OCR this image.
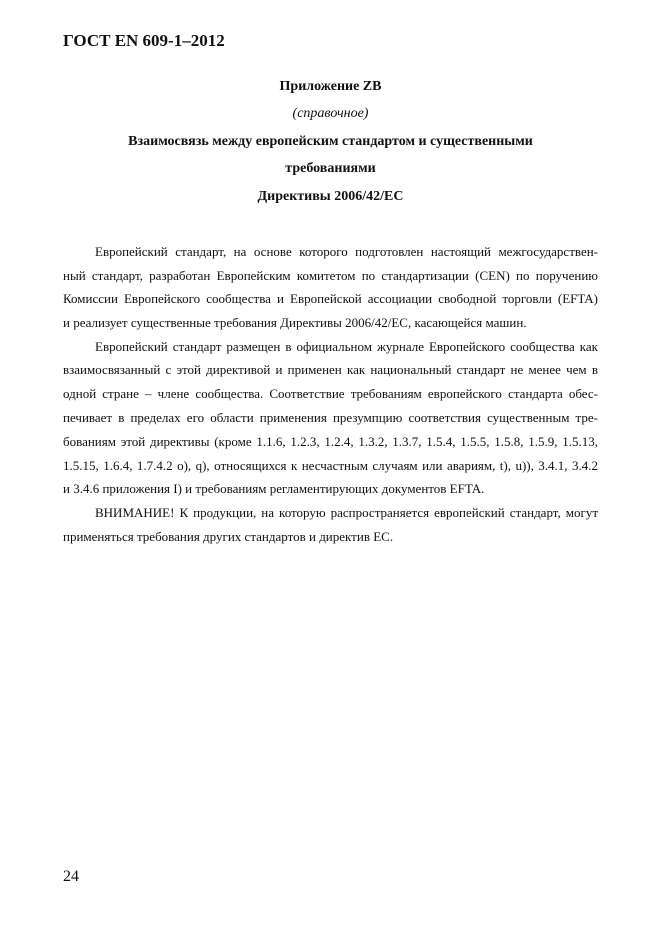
ГОСТ EN 609-1–2012
Приложение ZB
(справочное)
Взаимосвязь между европейским стандартом и существенными
требованиями
Директивы 2006/42/ЕС
Европейский стандарт, на основе которого подготовлен настоящий межгосударствен-
ный стандарт, разработан Европейским комитетом по стандартизации (CEN) по поручению
Комиссии Европейского сообщества и Европейской ассоциации свободной торговли (EFTA)
и реализует существенные требования Директивы 2006/42/ЕС, касающейся машин.
Европейский стандарт размещен в официальном журнале Европейского сообщества как
взаимосвязанный с этой директивой и применен как национальный стандарт не менее чем в
одной стране – члене сообщества. Соответствие требованиям европейского стандарта обес-
печивает в пределах его области применения презумпцию соответствия существенным тре-
бованиям этой директивы (кроме 1.1.6, 1.2.3, 1.2.4, 1.3.2, 1.3.7, 1.5.4, 1.5.5, 1.5.8, 1.5.9, 1.5.13,
1.5.15, 1.6.4, 1.7.4.2 o), q), относящихся к несчастным случаям или авариям, t), u)), 3.4.1, 3.4.2
и 3.4.6 приложения I) и требованиям регламентирующих документов EFTA.
ВНИМАНИЕ! К продукции, на которую распространяется европейский стандарт, могут
применяться требования других стандартов и директив ЕС.
24
